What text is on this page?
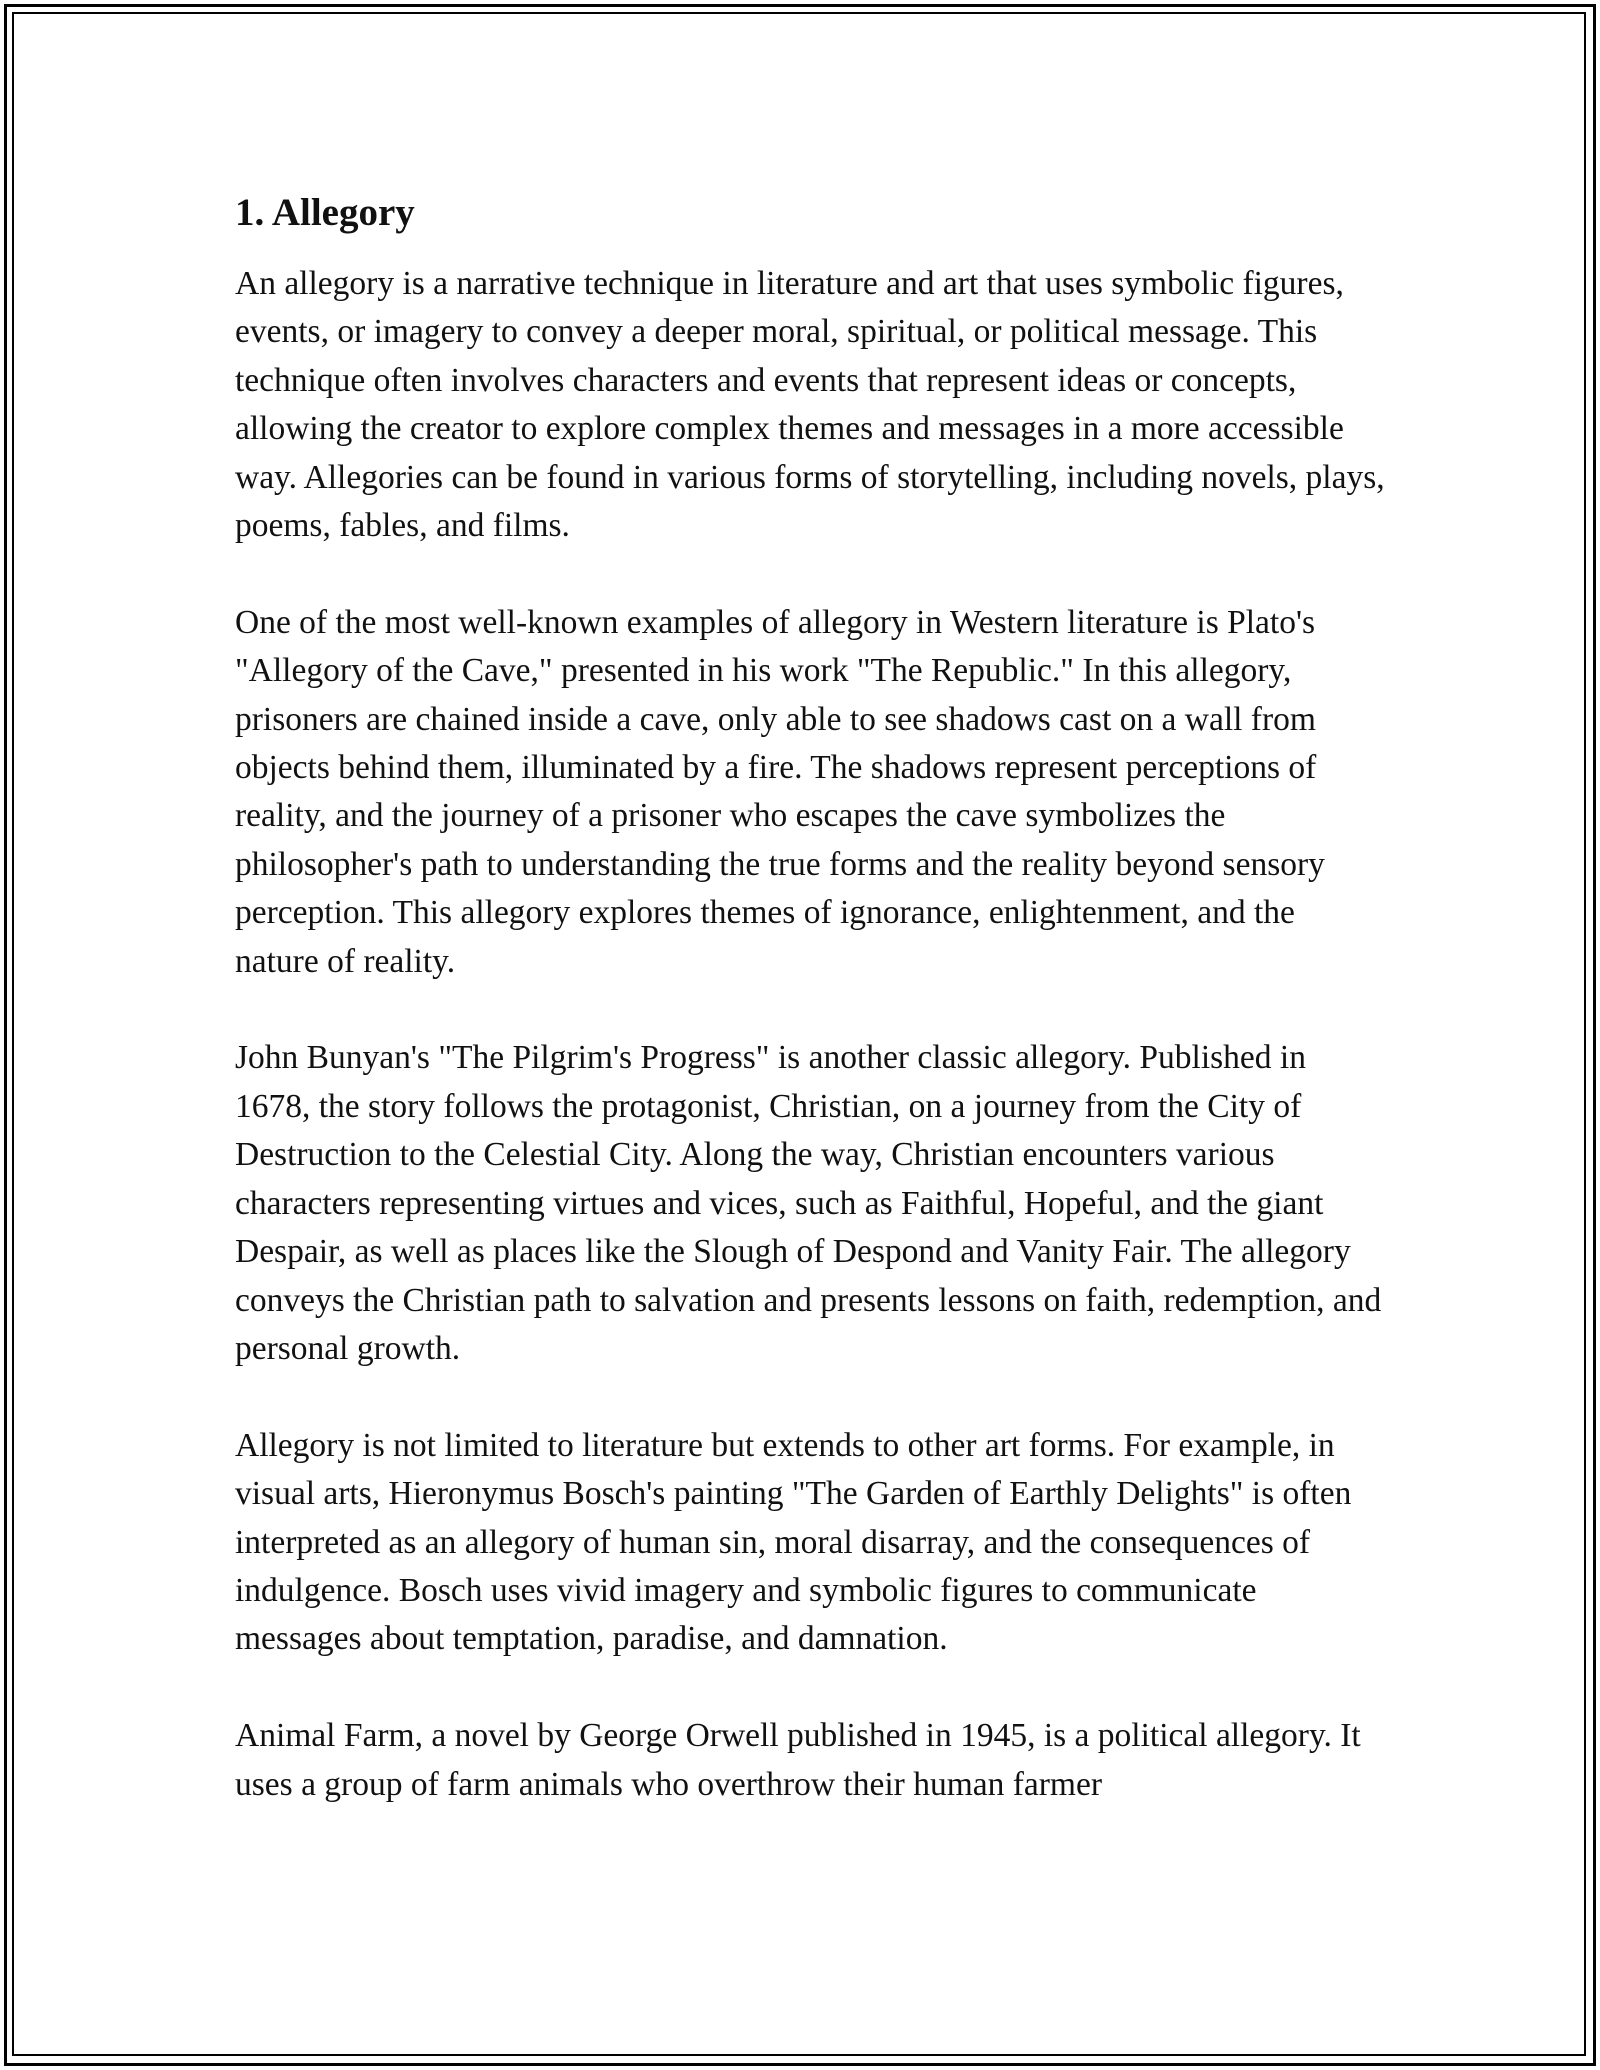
1. Allegory

An allegory is a narrative technique in literature and art that uses symbolic figures, events, or imagery to convey a deeper moral, spiritual, or political message. This technique often involves characters and events that represent ideas or concepts, allowing the creator to explore complex themes and messages in a more accessible way. Allegories can be found in various forms of storytelling, including novels, plays, poems, fables, and films.

One of the most well-known examples of allegory in Western literature is Plato's "Allegory of the Cave," presented in his work "The Republic." In this allegory, prisoners are chained inside a cave, only able to see shadows cast on a wall from objects behind them, illuminated by a fire. The shadows represent perceptions of reality, and the journey of a prisoner who escapes the cave symbolizes the philosopher's path to understanding the true forms and the reality beyond sensory perception. This allegory explores themes of ignorance, enlightenment, and the nature of reality.

John Bunyan's "The Pilgrim's Progress" is another classic allegory. Published in 1678, the story follows the protagonist, Christian, on a journey from the City of Destruction to the Celestial City. Along the way, Christian encounters various characters representing virtues and vices, such as Faithful, Hopeful, and the giant Despair, as well as places like the Slough of Despond and Vanity Fair. The allegory conveys the Christian path to salvation and presents lessons on faith, redemption, and personal growth.

Allegory is not limited to literature but extends to other art forms. For example, in visual arts, Hieronymus Bosch's painting "The Garden of Earthly Delights" is often interpreted as an allegory of human sin, moral disarray, and the consequences of indulgence. Bosch uses vivid imagery and symbolic figures to communicate messages about temptation, paradise, and damnation.

Animal Farm, a novel by George Orwell published in 1945, is a political allegory. It uses a group of farm animals who overthrow their human farmer
